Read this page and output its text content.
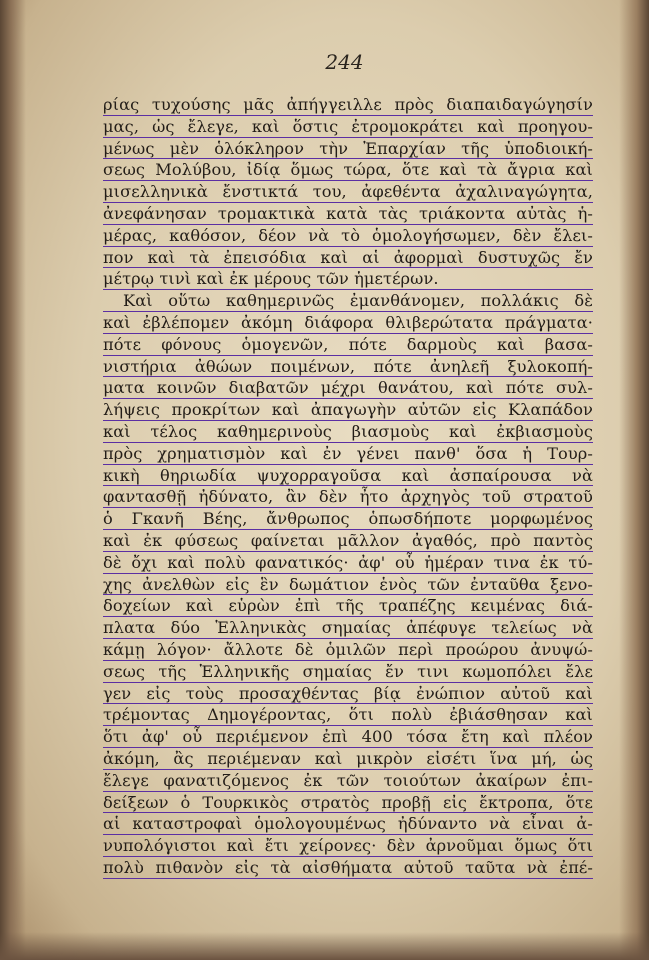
244
ρίας τυχούσης μᾶς ἀπήγγειλλε πρὸς διαπαιδαγώγησίν
μας, ὡς ἔλεγε, καὶ ὅστις ἐτρομοκράτει καὶ προηγου-
μένως μὲν ὁλόκληρον τὴν Ἐπαρχίαν τῆς ὑποδιοική-
σεως Μολύβου, ἰδίᾳ ὅμως τώρα, ὅτε καὶ τὰ ἄγρια καὶ
μισελληνικὰ ἔνστικτά του, ἀφεθέντα ἀχαλιναγώγητα,
ἀνεφάνησαν τρομακτικὰ κατὰ τὰς τριάκοντα αὐτὰς ἡ-
μέρας, καθόσον, δέον νὰ τὸ ὁμολογήσωμεν, δὲν ἔλει-
πον καὶ τὰ ἐπεισόδια καὶ αἱ ἀφορμαὶ δυστυχῶς ἔν
μέτρῳ τινὶ καὶ ἐκ μέρους τῶν ἡμετέρων.
Καὶ οὕτω καθημερινῶς ἐμανθάνομεν, πολλάκις δὲ
καὶ ἐβλέπομεν ἀκόμη διάφορα θλιβερώτατα πράγματα·
πότε φόνους ὁμογενῶν, πότε δαρμοὺς καὶ βασα-
νιστήρια ἀθώων ποιμένων, πότε ἀνηλεῆ ξυλοκοπή-
ματα κοινῶν διαβατῶν μέχρι θανάτου, καὶ πότε συλ-
λήψεις προκρίτων καὶ ἀπαγωγὴν αὐτῶν εἰς Κλαπάδον
καὶ τέλος καθημερινοὺς βιασμοὺς καὶ ἐκβιασμοὺς
πρὸς χρηματισμὸν καὶ ἐν γένει πανθ' ὅσα ἡ Τουρ-
κικὴ θηριωδία ψυχορραγοῦσα καὶ ἀσπαίρουσα νὰ
φαντασθῇ ἠδύνατο, ἂν δὲν ἦτο ἀρχηγὸς τοῦ στρατοῦ
ὁ Γκανῆ Βέης, ἄνθρωπος ὁπωσδήποτε μορφωμένος
καὶ ἐκ φύσεως φαίνεται μᾶλλον ἀγαθός, πρὸ παντὸς
δὲ ὄχι καὶ πολὺ φανατικός· ἀφ' οὗ ἡμέραν τινα ἐκ τύ-
χης ἀνελθὼν εἰς ἓν δωμάτιον ἑνὸς τῶν ἐνταῦθα ξενο-
δοχείων καὶ εὑρὼν ἐπὶ τῆς τραπέζης κειμένας διά-
πλατα δύο Ἑλληνικὰς σημαίας ἀπέφυγε τελείως νὰ
κάμῃ λόγον· ἄλλοτε δὲ ὁμιλῶν περὶ προώρου ἀνυψώ-
σεως τῆς Ἑλληνικῆς σημαίας ἔν τινι κωμοπόλει ἔλε
γεν εἰς τοὺς προσαχθέντας βίᾳ ἐνώπιον αὐτοῦ καὶ
τρέμοντας Δημογέροντας, ὅτι πολὺ ἐβιάσθησαν καὶ
ὅτι ἀφ' οὗ περιέμενον ἐπὶ 400 τόσα ἔτη καὶ πλέον
ἀκόμη, ἂς περιέμεναν καὶ μικρὸν εἰσέτι ἵνα μή, ὡς
ἔλεγε φανατιζόμενος ἐκ τῶν τοιούτων ἀκαίρων ἐπι-
δείξεων ὁ Τουρκικὸς στρατὸς προβῇ εἰς ἔκτροπα, ὅτε
αἱ καταστροφαὶ ὁμολογουμένως ἠδύναντο νὰ εἶναι ἀ-
νυπολόγιστοι καὶ ἔτι χείρονες· δὲν ἀρνοῦμαι ὅμως ὅτι
πολὺ πιθανὸν εἰς τὰ αἰσθήματα αὐτοῦ ταῦτα νὰ ἐπέ-
